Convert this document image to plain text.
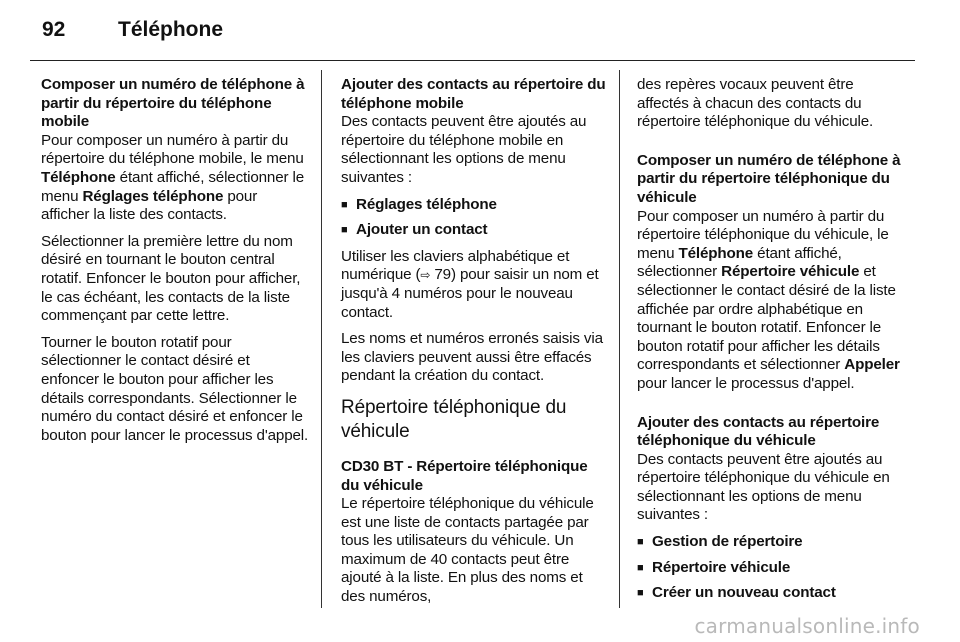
92	Téléphone
Composer un numéro de téléphone à partir du répertoire du téléphone mobile

Pour composer un numéro à partir du répertoire du téléphone mobile, le menu Téléphone étant affiché, sélectionner le menu Réglages téléphone pour afficher la liste des contacts.

Sélectionner la première lettre du nom désiré en tournant le bouton central rotatif. Enfoncer le bouton pour afficher, le cas échéant, les contacts de la liste commençant par cette lettre.

Tourner le bouton rotatif pour sélectionner le contact désiré et enfoncer le bouton pour afficher les détails correspondants. Sélectionner le numéro du contact désiré et enfoncer le bouton pour lancer le processus d'appel.

Ajouter des contacts au répertoire du téléphone mobile

Des contacts peuvent être ajoutés au répertoire du téléphone mobile en sélectionnant les options de menu suivantes :

■ Réglages téléphone
■ Ajouter un contact

Utiliser les claviers alphabétique et numérique (⇨ 79) pour saisir un nom et jusqu'à 4 numéros pour le nouveau contact.

Les noms et numéros erronés saisis via les claviers peuvent aussi être effacés pendant la création du contact.

Répertoire téléphonique du véhicule
CD30 BT - Répertoire téléphonique du véhicule

Le répertoire téléphonique du véhicule est une liste de contacts partagée par tous les utilisateurs du véhicule. Un maximum de 40 contacts peut être ajouté à la liste. En plus des noms et des numéros,

des repères vocaux peuvent être affectés à chacun des contacts du répertoire téléphonique du véhicule.

Composer un numéro de téléphone à partir du répertoire téléphonique du véhicule

Pour composer un numéro à partir du répertoire téléphonique du véhicule, le menu Téléphone étant affiché, sélectionner Répertoire véhicule et sélectionner le contact désiré de la liste affichée par ordre alphabétique en tournant le bouton rotatif. Enfoncer le bouton rotatif pour afficher les détails correspondants et sélectionner Appeler pour lancer le processus d'appel.

Ajouter des contacts au répertoire téléphonique du véhicule

Des contacts peuvent être ajoutés au répertoire téléphonique du véhicule en sélectionnant les options de menu suivantes :

■ Gestion de répertoire
■ Répertoire véhicule
■ Créer un nouveau contact
carmanualsonline.info
